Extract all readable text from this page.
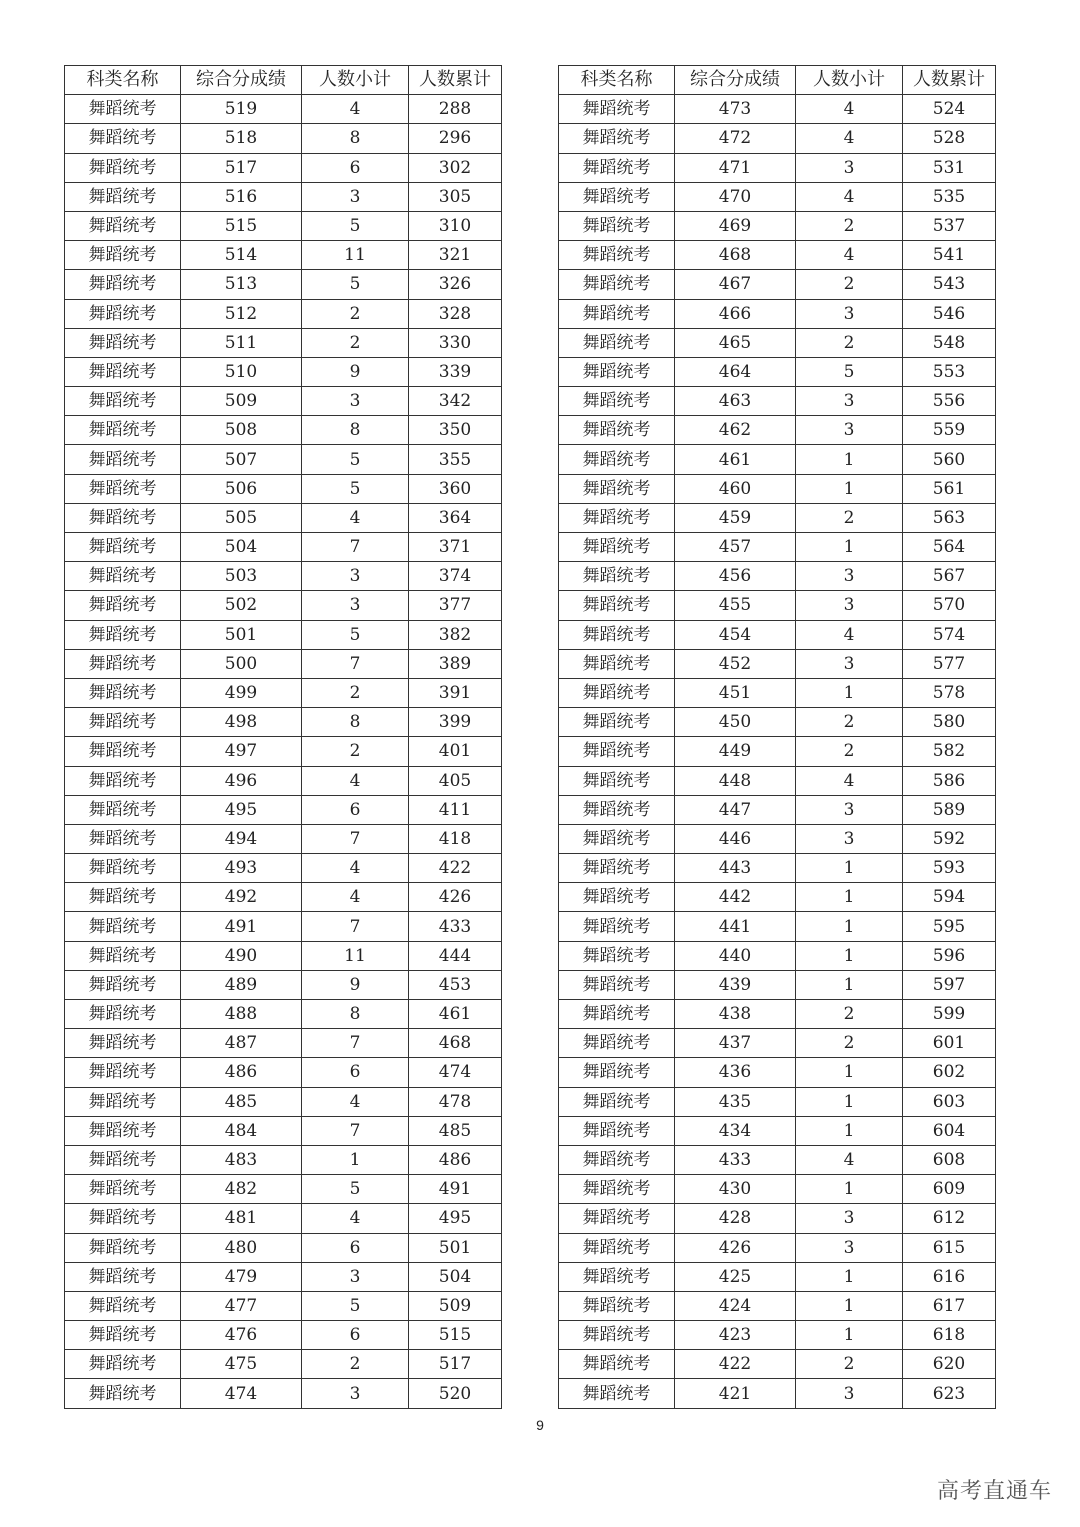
科类名称	综合分成绩	人数小计	人数累计
舞蹈统考	519	4	288
舞蹈统考	518	8	296
舞蹈统考	517	6	302
舞蹈统考	516	3	305
舞蹈统考	515	5	310
舞蹈统考	514	11	321
舞蹈统考	513	5	326
舞蹈统考	512	2	328
舞蹈统考	511	2	330
舞蹈统考	510	9	339
舞蹈统考	509	3	342
舞蹈统考	508	8	350
舞蹈统考	507	5	355
舞蹈统考	506	5	360
舞蹈统考	505	4	364
舞蹈统考	504	7	371
舞蹈统考	503	3	374
舞蹈统考	502	3	377
舞蹈统考	501	5	382
舞蹈统考	500	7	389
舞蹈统考	499	2	391
舞蹈统考	498	8	399
舞蹈统考	497	2	401
舞蹈统考	496	4	405
舞蹈统考	495	6	411
舞蹈统考	494	7	418
舞蹈统考	493	4	422
舞蹈统考	492	4	426
舞蹈统考	491	7	433
舞蹈统考	490	11	444
舞蹈统考	489	9	453
舞蹈统考	488	8	461
舞蹈统考	487	7	468
舞蹈统考	486	6	474
舞蹈统考	485	4	478
舞蹈统考	484	7	485
舞蹈统考	483	1	486
舞蹈统考	482	5	491
舞蹈统考	481	4	495
舞蹈统考	480	6	501
舞蹈统考	479	3	504
舞蹈统考	477	5	509
舞蹈统考	476	6	515
舞蹈统考	475	2	517
舞蹈统考	474	3	520
科类名称	综合分成绩	人数小计	人数累计
舞蹈统考	473	4	524
舞蹈统考	472	4	528
舞蹈统考	471	3	531
舞蹈统考	470	4	535
舞蹈统考	469	2	537
舞蹈统考	468	4	541
舞蹈统考	467	2	543
舞蹈统考	466	3	546
舞蹈统考	465	2	548
舞蹈统考	464	5	553
舞蹈统考	463	3	556
舞蹈统考	462	3	559
舞蹈统考	461	1	560
舞蹈统考	460	1	561
舞蹈统考	459	2	563
舞蹈统考	457	1	564
舞蹈统考	456	3	567
舞蹈统考	455	3	570
舞蹈统考	454	4	574
舞蹈统考	452	3	577
舞蹈统考	451	1	578
舞蹈统考	450	2	580
舞蹈统考	449	2	582
舞蹈统考	448	4	586
舞蹈统考	447	3	589
舞蹈统考	446	3	592
舞蹈统考	443	1	593
舞蹈统考	442	1	594
舞蹈统考	441	1	595
舞蹈统考	440	1	596
舞蹈统考	439	1	597
舞蹈统考	438	2	599
舞蹈统考	437	2	601
舞蹈统考	436	1	602
舞蹈统考	435	1	603
舞蹈统考	434	1	604
舞蹈统考	433	4	608
舞蹈统考	430	1	609
舞蹈统考	428	3	612
舞蹈统考	426	3	615
舞蹈统考	425	1	616
舞蹈统考	424	1	617
舞蹈统考	423	1	618
舞蹈统考	422	2	620
舞蹈统考	421	3	623
9
高考直通车
